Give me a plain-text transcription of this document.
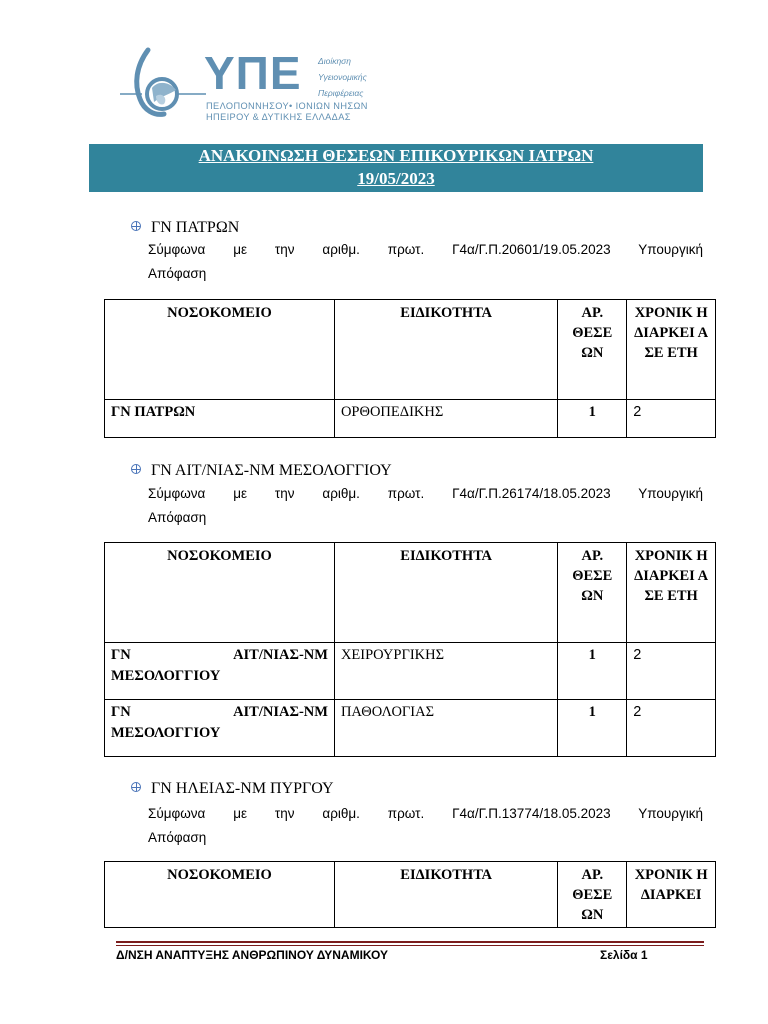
ΥΠΕ Διοίκηση
Υγειονομικής
Περιφέρειας
ΠΕΛΟΠΟΝΝΗΣΟΥ• ΙΟΝΙΩΝ ΝΗΣΩΝ
ΗΠΕΙΡΟΥ & ΔΥΤΙΚΗΣ ΕΛΛΑΔΑΣ
ΑΝΑΚΟΙΝΩΣΗ ΘΕΣΕΩΝ ΕΠΙΚΟΥΡΙΚΩΝ ΙΑΤΡΩΝ
19/05/2023
ΓΝ ΠΑΤΡΩΝ
Σύμφωνα με την αριθμ. πρωτ. Γ4α/Γ.Π.20601/19.05.2023 Υπουργική
Απόφαση
ΝΟΣΟΚΟΜΕΙΟ	ΕΙΔΙΚΟΤΗΤΑ	ΑΡ. ΘΕΣΕ ΩΝ	ΧΡΟΝΙΚ Η ΔΙΑΡΚΕΙ Α ΣΕ ΕΤΗ
ΓΝ ΠΑΤΡΩΝ	ΟΡΘΟΠΕΔΙΚΗΣ	1	2
ΓΝ ΑΙΤ/ΝΙΑΣ-ΝΜ ΜΕΣΟΛΟΓΓΙΟΥ
Σύμφωνα με την αριθμ. πρωτ. Γ4α/Γ.Π.26174/18.05.2023 Υπουργική
Απόφαση
ΝΟΣΟΚΟΜΕΙΟ	ΕΙΔΙΚΟΤΗΤΑ	ΑΡ. ΘΕΣΕ ΩΝ	ΧΡΟΝΙΚ Η ΔΙΑΡΚΕΙ Α ΣΕ ΕΤΗ
ΓΝ ΑΙΤ/ΝΙΑΣ-ΝΜ ΜΕΣΟΛΟΓΓΙΟΥ	ΧΕΙΡΟΥΡΓΙΚΗΣ	1	2
ΓΝ ΑΙΤ/ΝΙΑΣ-ΝΜ ΜΕΣΟΛΟΓΓΙΟΥ	ΠΑΘΟΛΟΓΙΑΣ	1	2
ΓΝ ΗΛΕΙΑΣ-ΝΜ ΠΥΡΓΟΥ
Σύμφωνα με την αριθμ. πρωτ. Γ4α/Γ.Π.13774/18.05.2023 Υπουργική
Απόφαση
ΝΟΣΟΚΟΜΕΙΟ	ΕΙΔΙΚΟΤΗΤΑ	ΑΡ. ΘΕΣΕ ΩΝ	ΧΡΟΝΙΚ Η ΔΙΑΡΚΕΙ
Δ/ΝΣΗ ΑΝΑΠΤΥΞΗΣ ΑΝΘΡΩΠΙΝΟΥ ΔΥΝΑΜΙΚΟΥ	Σελίδα 1
